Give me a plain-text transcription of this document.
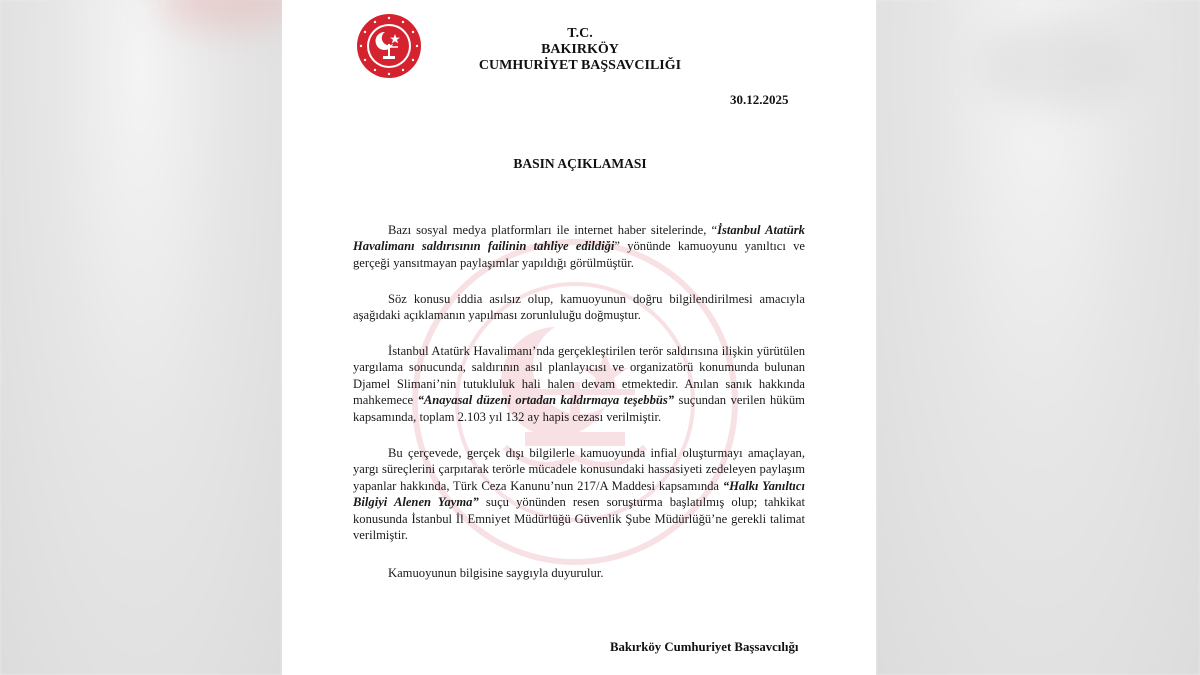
T.C.
BAKIRKÖY
CUMHURİYET BAŞSAVCILIĞI
30.12.2025
BASIN AÇIKLAMASI
Bazı sosyal medya platformları ile internet haber sitelerinde, “İstanbul Atatürk Havalimanı saldırısının failinin tahliye edildiği” yönünde kamuoyunu yanıltıcı ve gerçeği yansıtmayan paylaşımlar yapıldığı görülmüştür.
Söz konusu iddia asılsız olup, kamuoyunun doğru bilgilendirilmesi amacıyla aşağıdaki açıklamanın yapılması zorunluluğu doğmuştur.
İstanbul Atatürk Havalimanı’nda gerçekleştirilen terör saldırısına ilişkin yürütülen yargılama sonucunda, saldırının asıl planlayıcısı ve organizatörü konumunda bulunan Djamel Slimani’nin tutukluluk hali halen devam etmektedir. Anılan sanık hakkında mahkemece “Anayasal düzeni ortadan kaldırmaya teşebbüs” suçundan verilen hüküm kapsamında, toplam 2.103 yıl 132 ay hapis cezası verilmiştir.
Bu çerçevede, gerçek dışı bilgilerle kamuoyunda infial oluşturmayı amaçlayan, yargı süreçlerini çarpıtarak terörle mücadele konusundaki hassasiyeti zedeleyen paylaşım yapanlar hakkında, Türk Ceza Kanunu’nun 217/A Maddesi kapsamında “Halkı Yanıltıcı Bilgiyi Alenen Yayma” suçu yönünden resen soruşturma başlatılmış olup; tahkikat konusunda İstanbul İl Emniyet Müdürlüğü Güvenlik Şube Müdürlüğü’ne gerekli talimat verilmiştir.
Kamuoyunun bilgisine saygıyla duyurulur.
Bakırköy Cumhuriyet Başsavcılığı
